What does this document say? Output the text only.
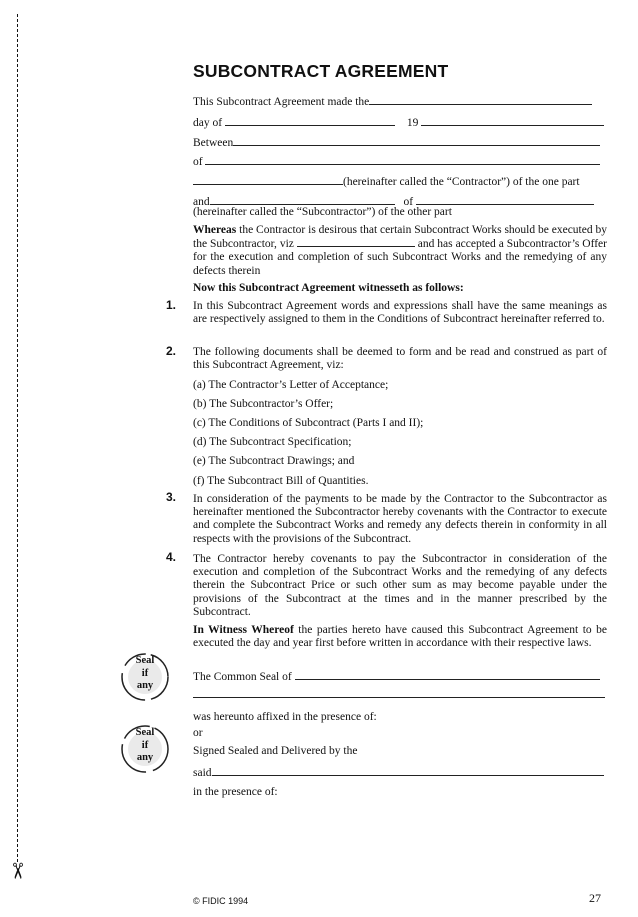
✂
SUBCONTRACT AGREEMENT
This Subcontract Agreement made the
day of	19
Between
of
(hereinafter called the “Contractor”) of the one part
and	of
(hereinafter called the “Subcontractor”) of the other part
Whereas the Contractor is desirous that certain Subcontract Works should be executed by the Subcontractor, viz	and has accepted a Subcontractor’s Offer for the execution and completion of such Subcontract Works and the remedying of any defects therein
Now this Subcontract Agreement witnesseth as follows:
1. In this Subcontract Agreement words and expressions shall have the same meanings as are respectively assigned to them in the Conditions of Subcontract hereinafter referred to.
2. The following documents shall be deemed to form and be read and construed as part of this Subcontract Agreement, viz:
(a) The Contractor’s Letter of Acceptance;
(b) The Subcontractor’s Offer;
(c) The Conditions of Subcontract (Parts I and II);
(d) The Subcontract Specification;
(e) The Subcontract Drawings; and
(f) The Subcontract Bill of Quantities.
3. In consideration of the payments to be made by the Contractor to the Subcontractor as hereinafter mentioned the Subcontractor hereby covenants with the Contractor to execute and complete the Subcontract Works and remedy any defects therein in conformity in all respects with the provisions of the Subcontract.
4. The Contractor hereby covenants to pay the Subcontractor in consideration of the execution and completion of the Subcontract Works and the remedying of any defects therein the Subcontract Price or such other sum as may become payable under the provisions of the Subcontract at the times and in the manner prescribed by the Subcontract.
In Witness Whereof the parties hereto have caused this Subcontract Agreement to be executed the day and year first before written in accordance with their respective laws.
Seal
if
any
The Common Seal of
was hereunto affixed in the presence of:
or
Seal
if
any
Signed Sealed and Delivered by the
said
in the presence of:
© FIDIC 1994	27
